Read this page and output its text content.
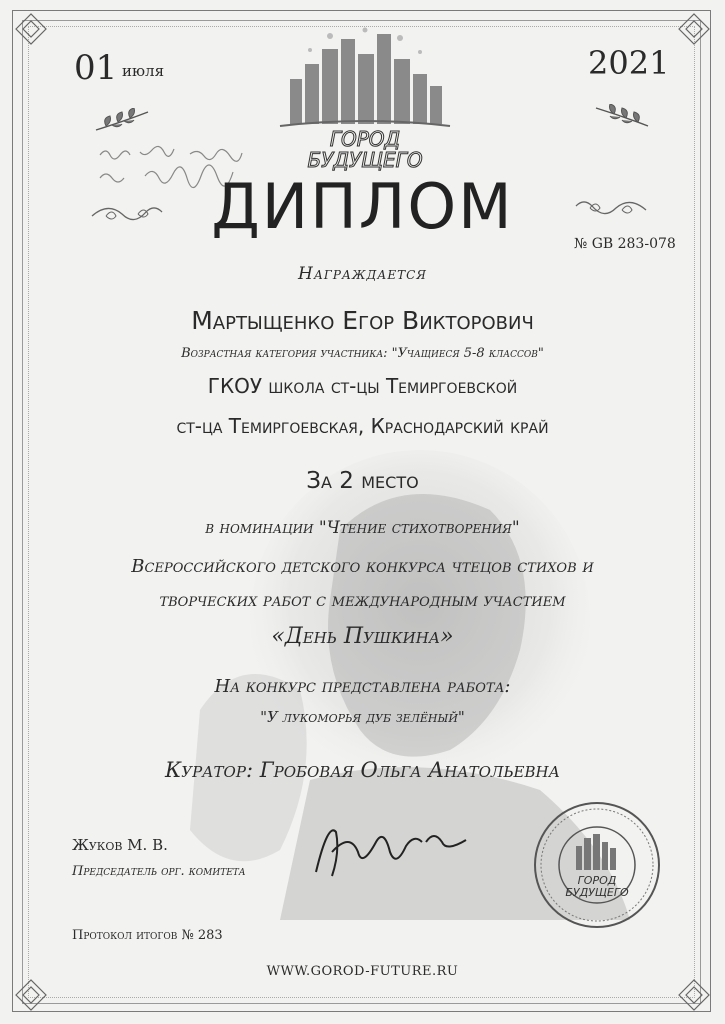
01 июля	2021
ГОРОД
БУДУЩЕГО
ДИПЛОМ
№ GB 283-078
Награждается
Мартыщенко Егор Викторович
Возрастная категория участника: "Учащиеся 5-8 классов"
ГКОУ школа ст-цы Темиргоевской
ст-ца Темиргоевская, Краснодарский край
За 2 место
в номинации "Чтение стихотворения"
Всероссийского детского конкурса чтецов стихов и
творческих работ с международным участием
«День Пушкина»
На конкурс представлена работа:
"У лукоморья дуб зелёный"
Куратор: Гробовая Ольга Анатольевна
Жуков М. В.
Председатель орг. комитета
ГОРОД
БУДУЩЕГО
Протокол итогов № 283
WWW.GOROD-FUTURE.RU
